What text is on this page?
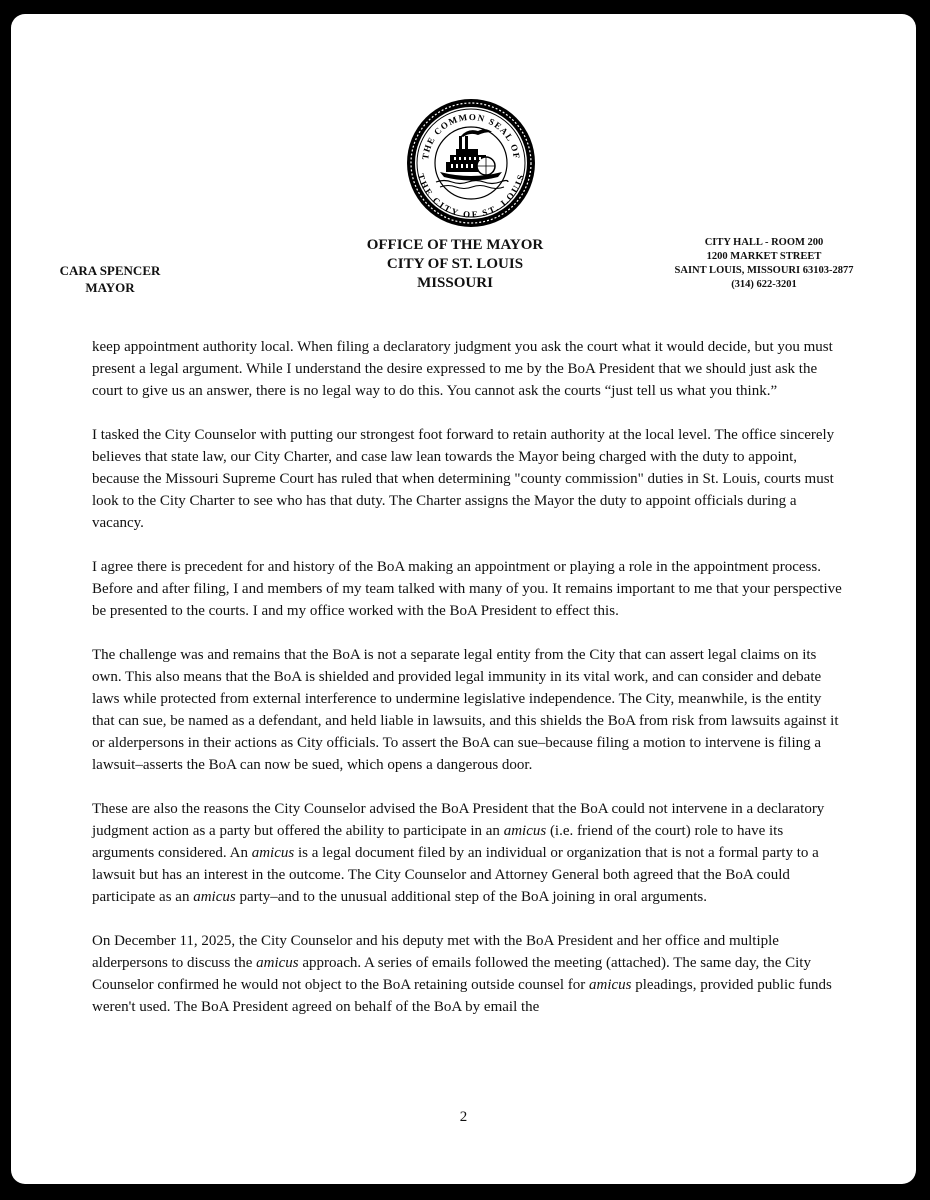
THE COMMON SEAL OF
THE CITY OF ST. LOUIS
CARA SPENCER
MAYOR
OFFICE OF THE MAYOR
CITY OF ST. LOUIS
MISSOURI
CITY HALL - ROOM 200
1200 MARKET STREET
SAINT LOUIS, MISSOURI 63103-2877
(314) 622-3201

keep appointment authority local. When filing a declaratory judgment you ask the court what it would decide, but you must present a legal argument. While I understand the desire expressed to me by the BoA President that we should just ask the court to give us an answer, there is no legal way to do this. You cannot ask the courts “just tell us what you think.”

I tasked the City Counselor with putting our strongest foot forward to retain authority at the local level. The office sincerely believes that state law, our City Charter, and case law lean towards the Mayor being charged with the duty to appoint, because the Missouri Supreme Court has ruled that when determining "county commission" duties in St. Louis, courts must look to the City Charter to see who has that duty. The Charter assigns the Mayor the duty to appoint officials during a vacancy.

I agree there is precedent for and history of the BoA making an appointment or playing a role in the appointment process. Before and after filing, I and members of my team talked with many of you. It remains important to me that your perspective be presented to the courts. I and my office worked with the BoA President to effect this.

The challenge was and remains that the BoA is not a separate legal entity from the City that can assert legal claims on its own. This also means that the BoA is shielded and provided legal immunity in its vital work, and can consider and debate laws while protected from external interference to undermine legislative independence. The City, meanwhile, is the entity that can sue, be named as a defendant, and held liable in lawsuits, and this shields the BoA from risk from lawsuits against it or alderpersons in their actions as City officials. To assert the BoA can sue–because filing a motion to intervene is filing a lawsuit–asserts the BoA can now be sued, which opens a dangerous door.

These are also the reasons the City Counselor advised the BoA President that the BoA could not intervene in a declaratory judgment action as a party but offered the ability to participate in an amicus (i.e. friend of the court) role to have its arguments considered. An amicus is a legal document filed by an individual or organization that is not a formal party to a lawsuit but has an interest in the outcome. The City Counselor and Attorney General both agreed that the BoA could participate as an amicus party–and to the unusual additional step of the BoA joining in oral arguments.

On December 11, 2025, the City Counselor and his deputy met with the BoA President and her office and multiple alderpersons to discuss the amicus approach. A series of emails followed the meeting (attached). The same day, the City Counselor confirmed he would not object to the BoA retaining outside counsel for amicus pleadings, provided public funds weren't used. The BoA President agreed on behalf of the BoA by email the

2
